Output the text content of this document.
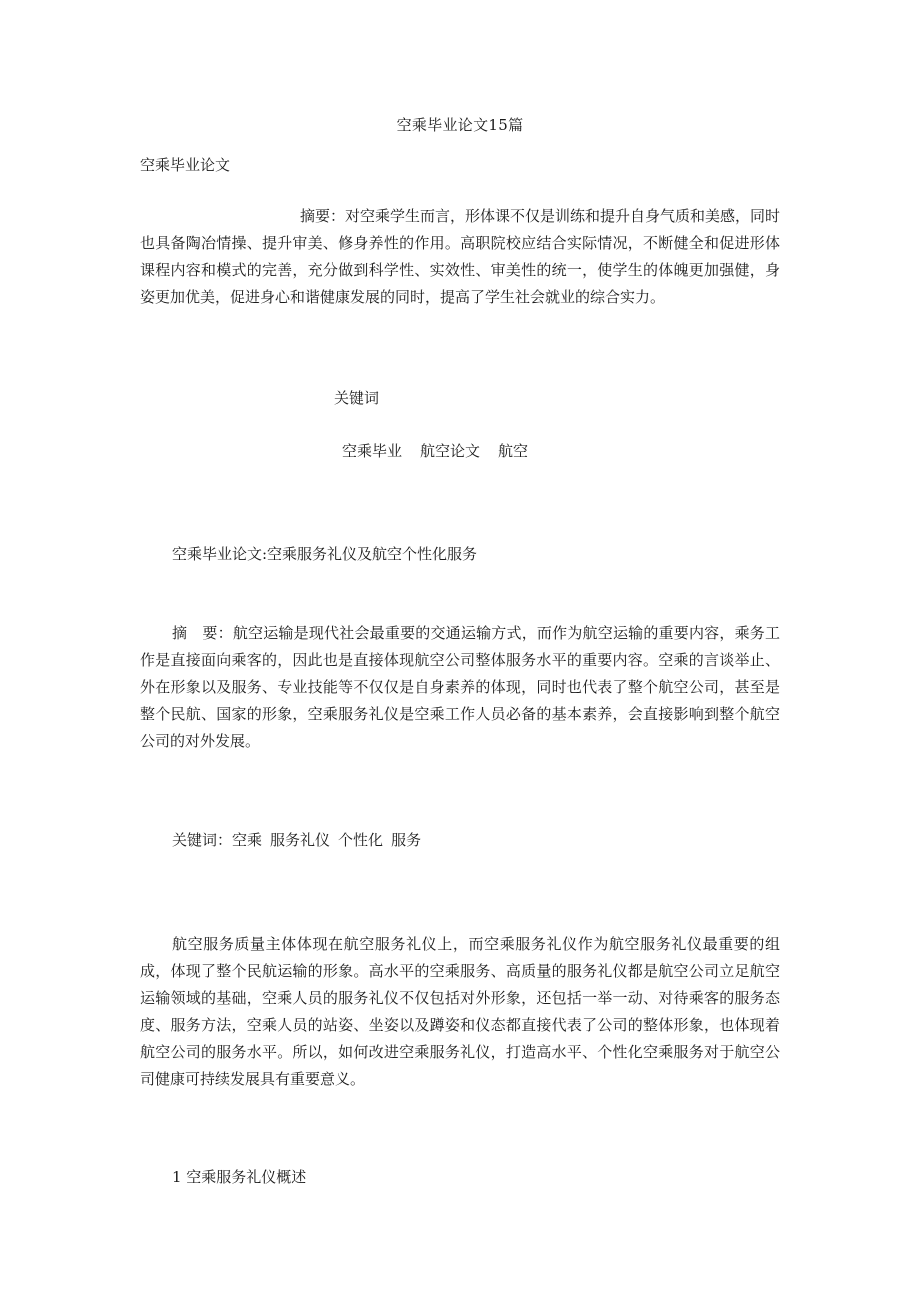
空乘毕业论文15篇
空乘毕业论文

摘要：对空乘学生而言，形体课不仅是训练和提升自身气质和美感，同时也具备陶冶情操、提升审美、修身养性的作用。高职院校应结合实际情况，不断健全和促进形体课程内容和模式的完善，充分做到科学性、实效性、审美性的统一，使学生的体魄更加强健，身姿更加优美，促进身心和谐健康发展的同时，提高了学生社会就业的综合实力。

关键词
空乘毕业 航空论文 航空
空乘毕业论文:空乘服务礼仪及航空个性化服务

摘　要：航空运输是现代社会最重要的交通运输方式，而作为航空运输的重要内容，乘务工作是直接面向乘客的，因此也是直接体现航空公司整体服务水平的重要内容。空乘的言谈举止、外在形象以及服务、专业技能等不仅仅是自身素养的体现，同时也代表了整个航空公司，甚至是整个民航、国家的形象，空乘服务礼仪是空乘工作人员必备的基本素养，会直接影响到整个航空公司的对外发展。

关键词：空乘 服务礼仪 个性化 服务

航空服务质量主体体现在航空服务礼仪上，而空乘服务礼仪作为航空服务礼仪最重要的组成，体现了整个民航运输的形象。高水平的空乘服务、高质量的服务礼仪都是航空公司立足航空运输领域的基础，空乘人员的服务礼仪不仅包括对外形象，还包括一举一动、对待乘客的服务态度、服务方法，空乘人员的站姿、坐姿以及蹲姿和仪态都直接代表了公司的整体形象，也体现着航空公司的服务水平。所以，如何改进空乘服务礼仪，打造高水平、个性化空乘服务对于航空公司健康可持续发展具有重要意义。

1 空乘服务礼仪概述
